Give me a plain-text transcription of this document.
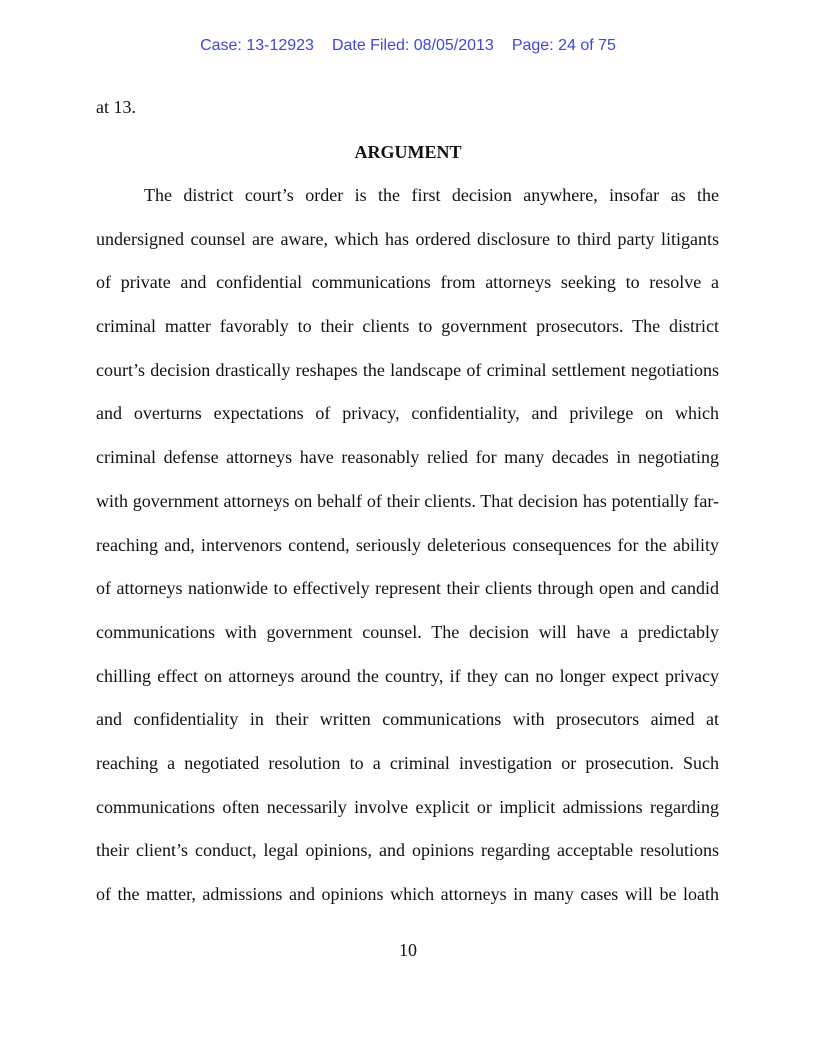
Case: 13-12923 Date Filed: 08/05/2013 Page: 24 of 75
at 13.
ARGUMENT
The district court’s order is the first decision anywhere, insofar as the
undersigned counsel are aware, which has ordered disclosure to third party litigants
of private and confidential communications from attorneys seeking to resolve a
criminal matter favorably to their clients to government prosecutors. The district
court’s decision drastically reshapes the landscape of criminal settlement negotiations
and overturns expectations of privacy, confidentiality, and privilege on which
criminal defense attorneys have reasonably relied for many decades in negotiating
with government attorneys on behalf of their clients. That decision has potentially far-
reaching and, intervenors contend, seriously deleterious consequences for the ability
of attorneys nationwide to effectively represent their clients through open and candid
communications with government counsel. The decision will have a predictably
chilling effect on attorneys around the country, if they can no longer expect privacy
and confidentiality in their written communications with prosecutors aimed at
reaching a negotiated resolution to a criminal investigation or prosecution. Such
communications often necessarily involve explicit or implicit admissions regarding
their client’s conduct, legal opinions, and opinions regarding acceptable resolutions
of the matter, admissions and opinions which attorneys in many cases will be loath
10
